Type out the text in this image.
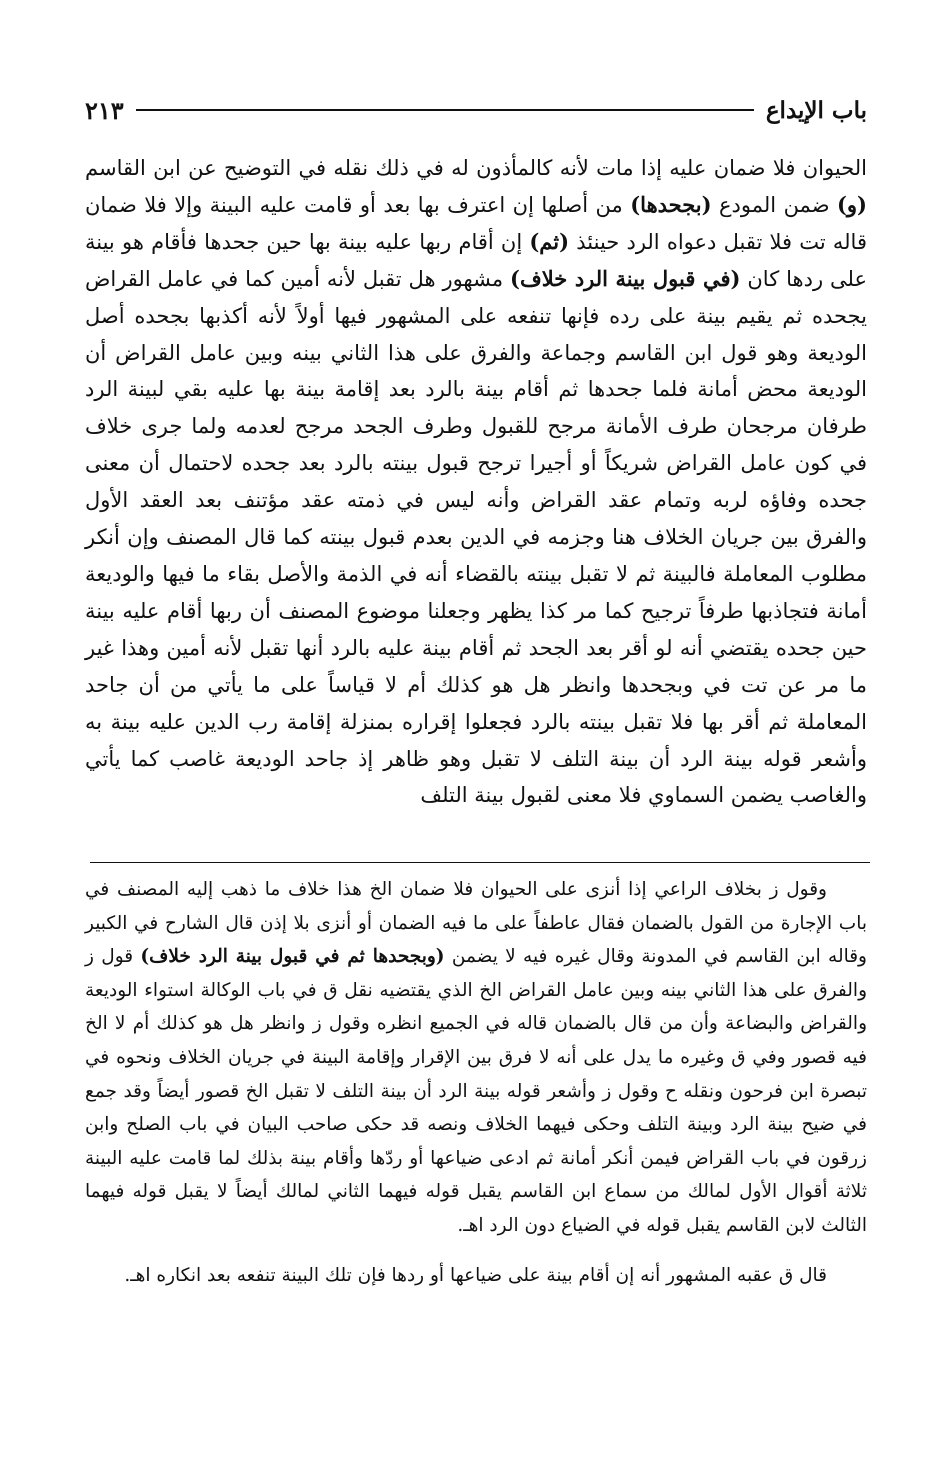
باب الإيداع
٢١٣
الحيوان فلا ضمان عليه إذا مات لأنه كالمأذون له في ذلك نقله في التوضيح عن ابن القاسم (و) ضمن المودع (بجحدها) من أصلها إن اعترف بها بعد أو قامت عليه البينة وإلا فلا ضمان قاله تت فلا تقبل دعواه الرد حينئذ (ثم) إن أقام ربها عليه بينة بها حين جحدها فأقام هو بينة على ردها كان (في قبول بينة الرد خلاف) مشهور هل تقبل لأنه أمين كما في عامل القراض يجحده ثم يقيم بينة على رده فإنها تنفعه على المشهور فيها أولاً لأنه أكذبها بجحده أصل الوديعة وهو قول ابن القاسم وجماعة والفرق على هذا الثاني بينه وبين عامل القراض أن الوديعة محض أمانة فلما جحدها ثم أقام بينة بالرد بعد إقامة بينة بها عليه بقي لبينة الرد طرفان مرجحان طرف الأمانة مرجح للقبول وطرف الجحد مرجح لعدمه ولما جرى خلاف في كون عامل القراض شريكاً أو أجيرا ترجح قبول بينته بالرد بعد جحده لاحتمال أن معنى جحده وفاؤه لربه وتمام عقد القراض وأنه ليس في ذمته عقد مؤتنف بعد العقد الأول والفرق بين جريان الخلاف هنا وجزمه في الدين بعدم قبول بينته كما قال المصنف وإن أنكر مطلوب المعاملة فالبينة ثم لا تقبل بينته بالقضاء أنه في الذمة والأصل بقاء ما فيها والوديعة أمانة فتجاذبها طرفاً ترجيح كما مر كذا يظهر وجعلنا موضوع المصنف أن ربها أقام عليه بينة حين جحده يقتضي أنه لو أقر بعد الجحد ثم أقام بينة عليه بالرد أنها تقبل لأنه أمين وهذا غير ما مر عن تت في وبجحدها وانظر هل هو كذلك أم لا قياساً على ما يأتي من أن جاحد المعاملة ثم أقر بها فلا تقبل بينته بالرد فجعلوا إقراره بمنزلة إقامة رب الدين عليه بينة به وأشعر قوله بينة الرد أن بينة التلف لا تقبل وهو ظاهر إذ جاحد الوديعة غاصب كما يأتي والغاصب يضمن السماوي فلا معنى لقبول بينة التلف

وقول ز بخلاف الراعي إذا أنزى على الحيوان فلا ضمان الخ هذا خلاف ما ذهب إليه المصنف في باب الإجارة من القول بالضمان فقال عاطفاً على ما فيه الضمان أو أنزى بلا إذن قال الشارح في الكبير وقاله ابن القاسم في المدونة وقال غيره فيه لا يضمن (وبجحدها ثم في قبول بينة الرد خلاف) قول ز والفرق على هذا الثاني بينه وبين عامل القراض الخ الذي يقتضيه نقل ق في باب الوكالة استواء الوديعة والقراض والبضاعة وأن من قال بالضمان قاله في الجميع انظره وقول ز وانظر هل هو كذلك أم لا الخ فيه قصور وفي ق وغيره ما يدل على أنه لا فرق بين الإقرار وإقامة البينة في جريان الخلاف ونحوه في تبصرة ابن فرحون ونقله ح وقول ز وأشعر قوله بينة الرد أن بينة التلف لا تقبل الخ قصور أيضاً وقد جمع في ضيح بينة الرد وبينة التلف وحكى فيهما الخلاف ونصه قد حكى صاحب البيان في باب الصلح وابن زرقون في باب القراض فيمن أنكر أمانة ثم ادعى ضياعها أو ردّها وأقام بينة بذلك لما قامت عليه البينة ثلاثة أقوال الأول لمالك من سماع ابن القاسم يقبل قوله فيهما الثاني لمالك أيضاً لا يقبل قوله فيهما الثالث لابن القاسم يقبل قوله في الضياع دون الرد اهـ.

قال ق عقبه المشهور أنه إن أقام بينة على ضياعها أو ردها فإن تلك البينة تنفعه بعد انكاره اهـ.
